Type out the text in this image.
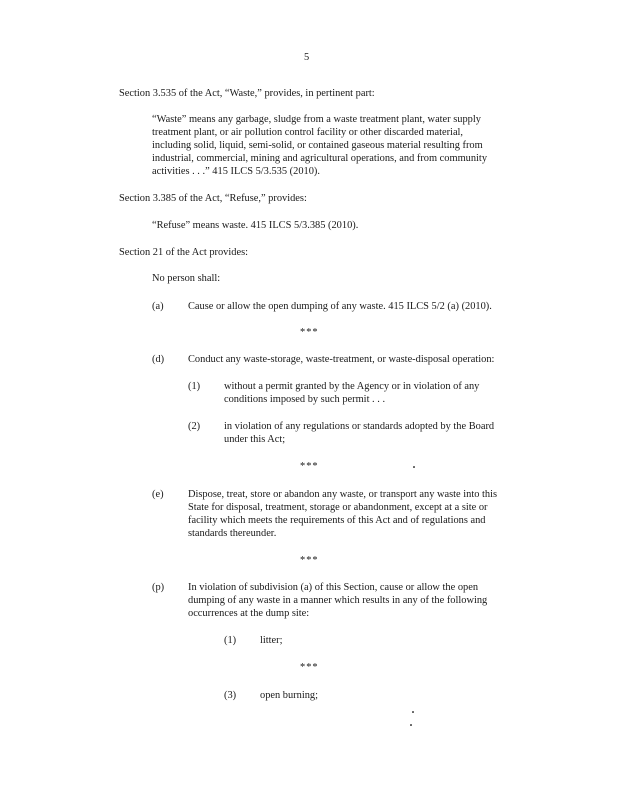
5
Section 3.535 of the Act, “Waste,” provides, in pertinent part:
“Waste” means any garbage, sludge from a waste treatment plant, water supply
treatment plant, or air pollution control facility or other discarded material,
including solid, liquid, semi-solid, or contained gaseous material resulting from
industrial, commercial, mining and agricultural operations, and from community
activities . . .” 415 ILCS 5/3.535 (2010).
Section 3.385 of the Act, “Refuse,” provides:
“Refuse” means waste. 415 ILCS 5/3.385 (2010).
Section 21 of the Act provides:
No person shall:
(a) Cause or allow the open dumping of any waste. 415 ILCS 5/2 (a) (2010).
***
(d) Conduct any waste-storage, waste-treatment, or waste-disposal operation:
(1) without a permit granted by the Agency or in violation of any
conditions imposed by such permit . . .
(2) in violation of any regulations or standards adopted by the Board
under this Act;
***
(e) Dispose, treat, store or abandon any waste, or transport any waste into this
State for disposal, treatment, storage or abandonment, except at a site or
facility which meets the requirements of this Act and of regulations and
standards thereunder.
***
(p) In violation of subdivision (a) of this Section, cause or allow the open
dumping of any waste in a manner which results in any of the following
occurrences at the dump site:
(1) litter;
***
(3) open burning;
